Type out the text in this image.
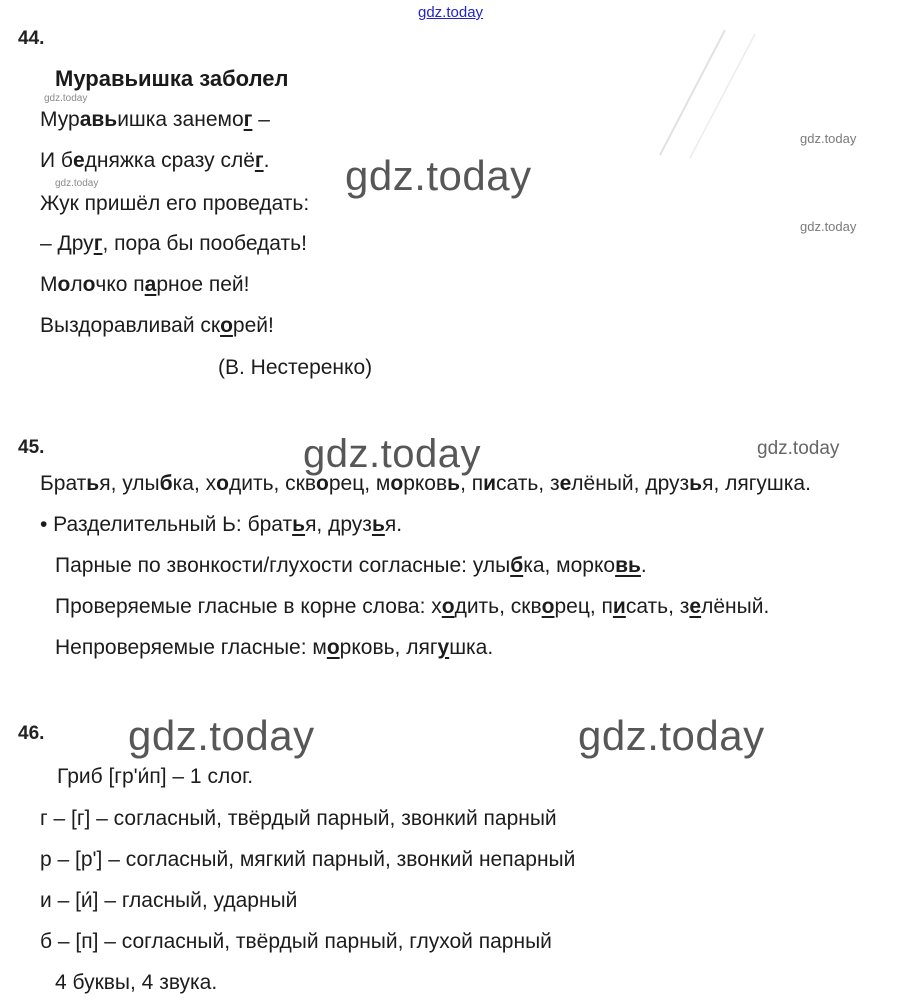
gdz.today
44.
Муравьишка заболел
gdz.today
Муравьишка занемог –
И бедняжка сразу слёг.
gdz.today
Жук пришёл его проведать:
– Друг, пора бы пообедать!
Молочко парное пей!
Выздоравливай скорей!
(В. Нестеренко)
gdz.today
gdz.today
gdz.today
45.	gdz.today	gdz.today
Братья, улыбка, ходить, скворец, морковь, писать, зелёный, друзья, лягушка.
• Разделительный Ь: братья, друзья.
Парные по звонкости/глухости согласные: улыбка, морковь.
Проверяемые гласные в корне слова: ходить, скворец, писать, зелёный.
Непроверяемые гласные: морковь, лягушка.
46. gdz.today	gdz.today
Гриб [гр'и́п] – 1 слог.
г – [г] – согласный, твёрдый парный, звонкий парный
р – [р'] – согласный, мягкий парный, звонкий непарный
и – [и́] – гласный, ударный
б – [п] – согласный, твёрдый парный, глухой парный
4 буквы, 4 звука.
